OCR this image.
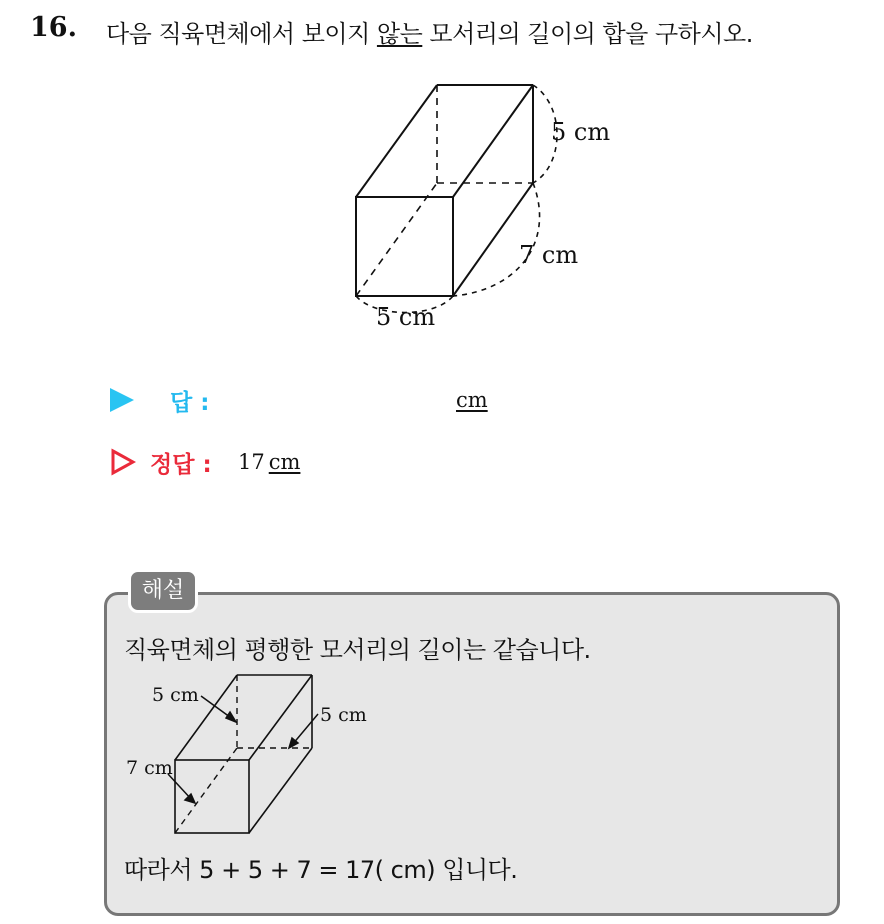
16. 다음 직육면체에서 보이지 않는 모서리의 길이의 합을 구하시오.
5 cm
7 cm
5 cm
답 :	cm
정답 : 17 cm
해설
직육면체의 평행한 모서리의 길이는 같습니다.
5 cm
5 cm
7 cm
따라서 5 + 5 + 7 = 17( cm) 입니다.
